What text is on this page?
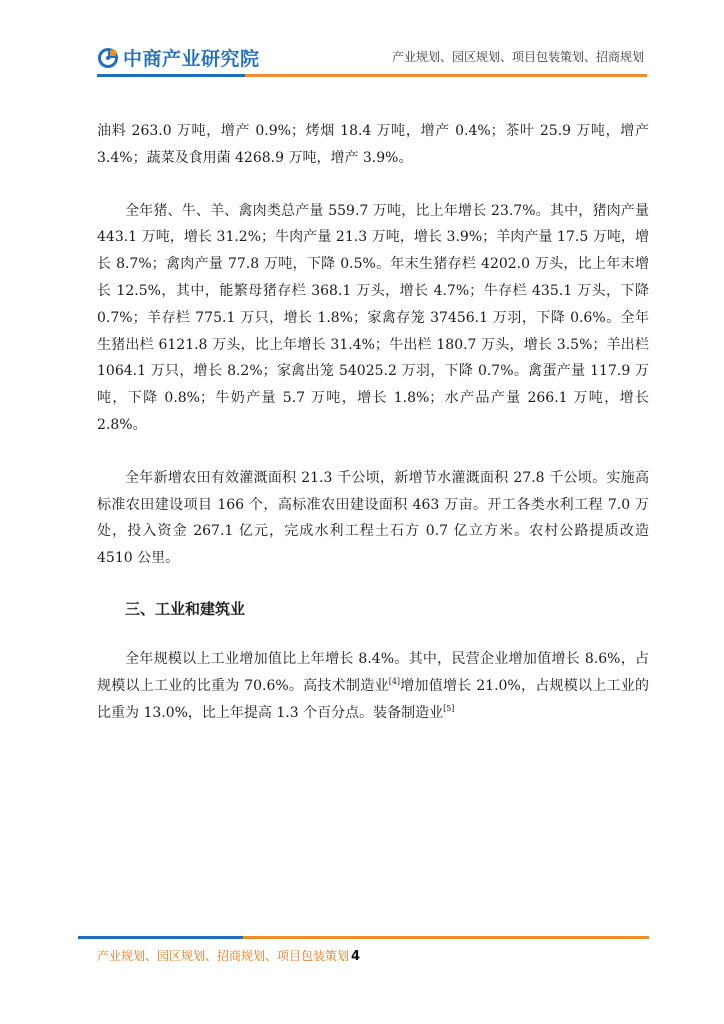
中商产业研究院	产业规划、园区规划、项目包装策划、招商规划

油料 263.0 万吨，增产 0.9%；烤烟 18.4 万吨，增产 0.4%；茶叶 25.9 万吨，增产 3.4%；蔬菜及食用菌 4268.9 万吨，增产 3.9%。

全年猪、牛、羊、禽肉类总产量 559.7 万吨，比上年增长 23.7%。其中，猪肉产量 443.1 万吨，增长 31.2%；牛肉产量 21.3 万吨，增长 3.9%；羊肉产量 17.5 万吨，增长 8.7%；禽肉产量 77.8 万吨，下降 0.5%。年末生猪存栏 4202.0 万头，比上年末增长 12.5%，其中，能繁母猪存栏 368.1 万头，增长 4.7%；牛存栏 435.1 万头，下降 0.7%；羊存栏 775.1 万只，增长 1.8%；家禽存笼 37456.1 万羽，下降 0.6%。全年生猪出栏 6121.8 万头，比上年增长 31.4%；牛出栏 180.7 万头，增长 3.5%；羊出栏 1064.1 万只，增长 8.2%；家禽出笼 54025.2 万羽，下降 0.7%。禽蛋产量 117.9 万吨，下降 0.8%；牛奶产量 5.7 万吨，增长 1.8%；水产品产量 266.1 万吨，增长 2.8%。

全年新增农田有效灌溉面积 21.3 千公顷，新增节水灌溉面积 27.8 千公顷。实施高标准农田建设项目 166 个，高标准农田建设面积 463 万亩。开工各类水利工程 7.0 万处，投入资金 267.1 亿元，完成水利工程土石方 0.7 亿立方米。农村公路提质改造 4510 公里。

三、工业和建筑业

全年规模以上工业增加值比上年增长 8.4%。其中，民营企业增加值增长 8.6%，占规模以上工业的比重为 70.6%。高技术制造业[4]增加值增长 21.0%，占规模以上工业的比重为 13.0%，比上年提高 1.3 个百分点。装备制造业[5]

产业规划、园区规划、招商规划、项目包装策划 4
